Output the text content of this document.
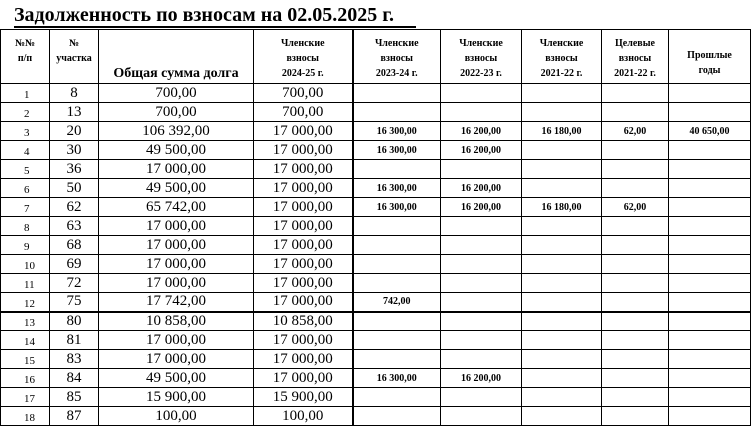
Задолженность по взносам на 02.05.2025 г.
№№
п/п	№
участка	Общая сумма долга	Членские
взносы
2024-25 г.	Членские
взносы
2023-24 г.	Членские
взносы
2022-23 г.	Членские
взносы
2021-22 г.	Целевые
взносы
2021-22 г.	Прошлые
годы

1	8	700,00	700,00					
2	13	700,00	700,00					
3	20	106 392,00	17 000,00	16 300,00	16 200,00	16 180,00	62,00	40 650,00
4	30	49 500,00	17 000,00	16 300,00	16 200,00			
5	36	17 000,00	17 000,00					
6	50	49 500,00	17 000,00	16 300,00	16 200,00			
7	62	65 742,00	17 000,00	16 300,00	16 200,00	16 180,00	62,00	
8	63	17 000,00	17 000,00					
9	68	17 000,00	17 000,00					
10	69	17 000,00	17 000,00					
11	72	17 000,00	17 000,00					
12	75	17 742,00	17 000,00	742,00				
13	80	10 858,00	10 858,00					
14	81	17 000,00	17 000,00					
15	83	17 000,00	17 000,00					
16	84	49 500,00	17 000,00	16 300,00	16 200,00			
17	85	15 900,00	15 900,00					
18	87	100,00	100,00					
